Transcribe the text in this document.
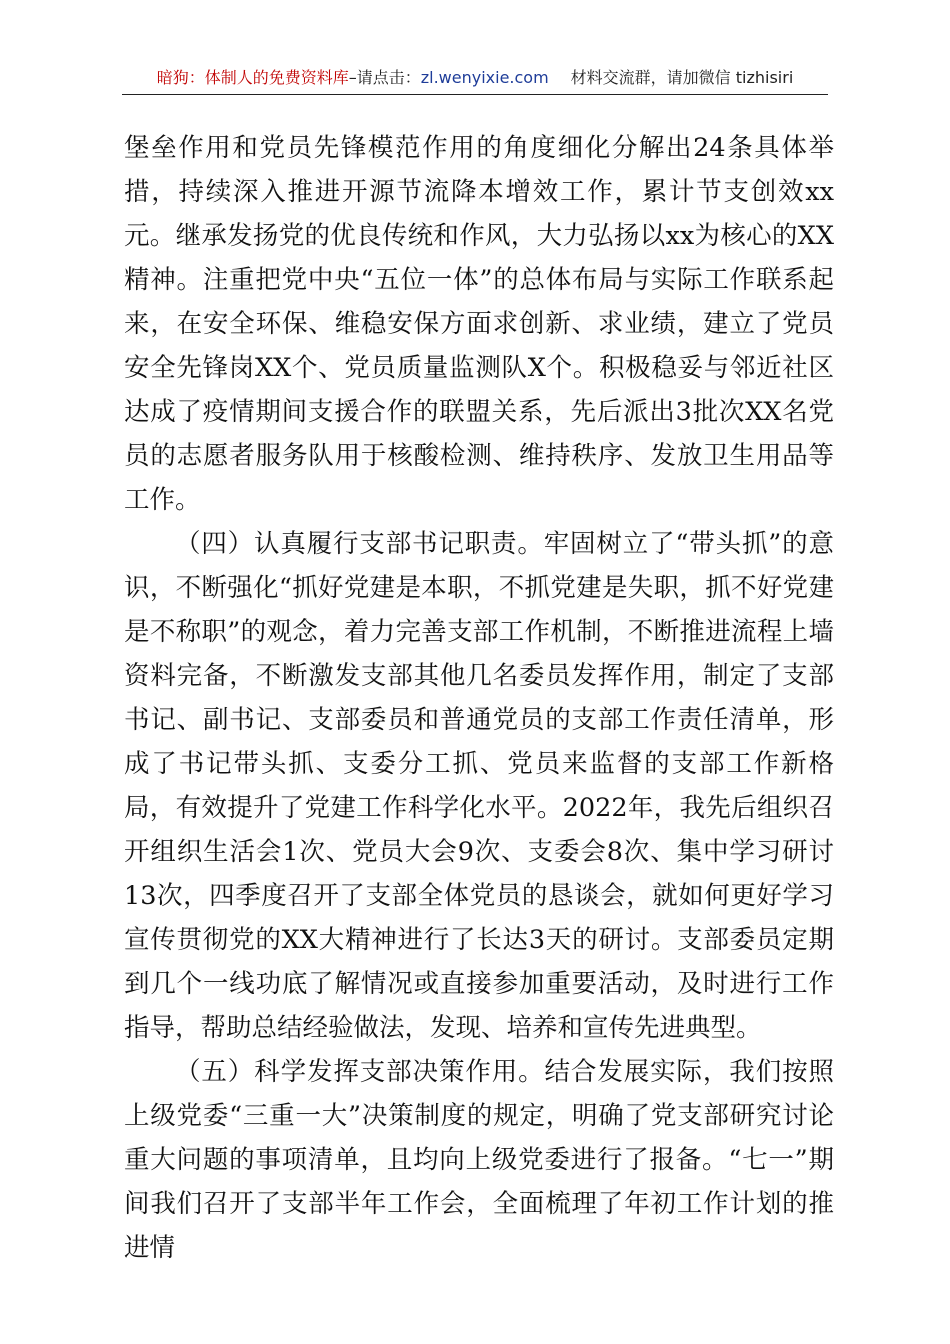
暗狗：体制人的免费资料库–请点击：zl.wenyixie.com 材料交流群，请加微信 tizhisiri

堡垒作用和党员先锋模范作用的角度细化分解出24条具体举措，持续深入推进开源节流降本增效工作，累计节支创效xx元。继承发扬党的优良传统和作风，大力弘扬以xx为核心的XX精神。注重把党中央“五位一体”的总体布局与实际工作联系起来，在安全环保、维稳安保方面求创新、求业绩，建立了党员安全先锋岗XX个、党员质量监测队X个。积极稳妥与邻近社区达成了疫情期间支援合作的联盟关系，先后派出3批次XX名党员的志愿者服务队用于核酸检测、维持秩序、发放卫生用品等工作。

（四）认真履行支部书记职责。牢固树立了“带头抓”的意识，不断强化“抓好党建是本职，不抓党建是失职，抓不好党建是不称职”的观念，着力完善支部工作机制，不断推进流程上墙资料完备，不断激发支部其他几名委员发挥作用，制定了支部书记、副书记、支部委员和普通党员的支部工作责任清单，形成了书记带头抓、支委分工抓、党员来监督的支部工作新格局，有效提升了党建工作科学化水平。2022年，我先后组织召开组织生活会1次、党员大会9次、支委会8次、集中学习研讨13次，四季度召开了支部全体党员的恳谈会，就如何更好学习宣传贯彻党的XX大精神进行了长达3天的研讨。支部委员定期到几个一线功底了解情况或直接参加重要活动，及时进行工作指导，帮助总结经验做法，发现、培养和宣传先进典型。

（五）科学发挥支部决策作用。结合发展实际，我们按照上级党委“三重一大”决策制度的规定，明确了党支部研究讨论重大问题的事项清单，且均向上级党委进行了报备。“七一”期间我们召开了支部半年工作会，全面梳理了年初工作计划的推进情
